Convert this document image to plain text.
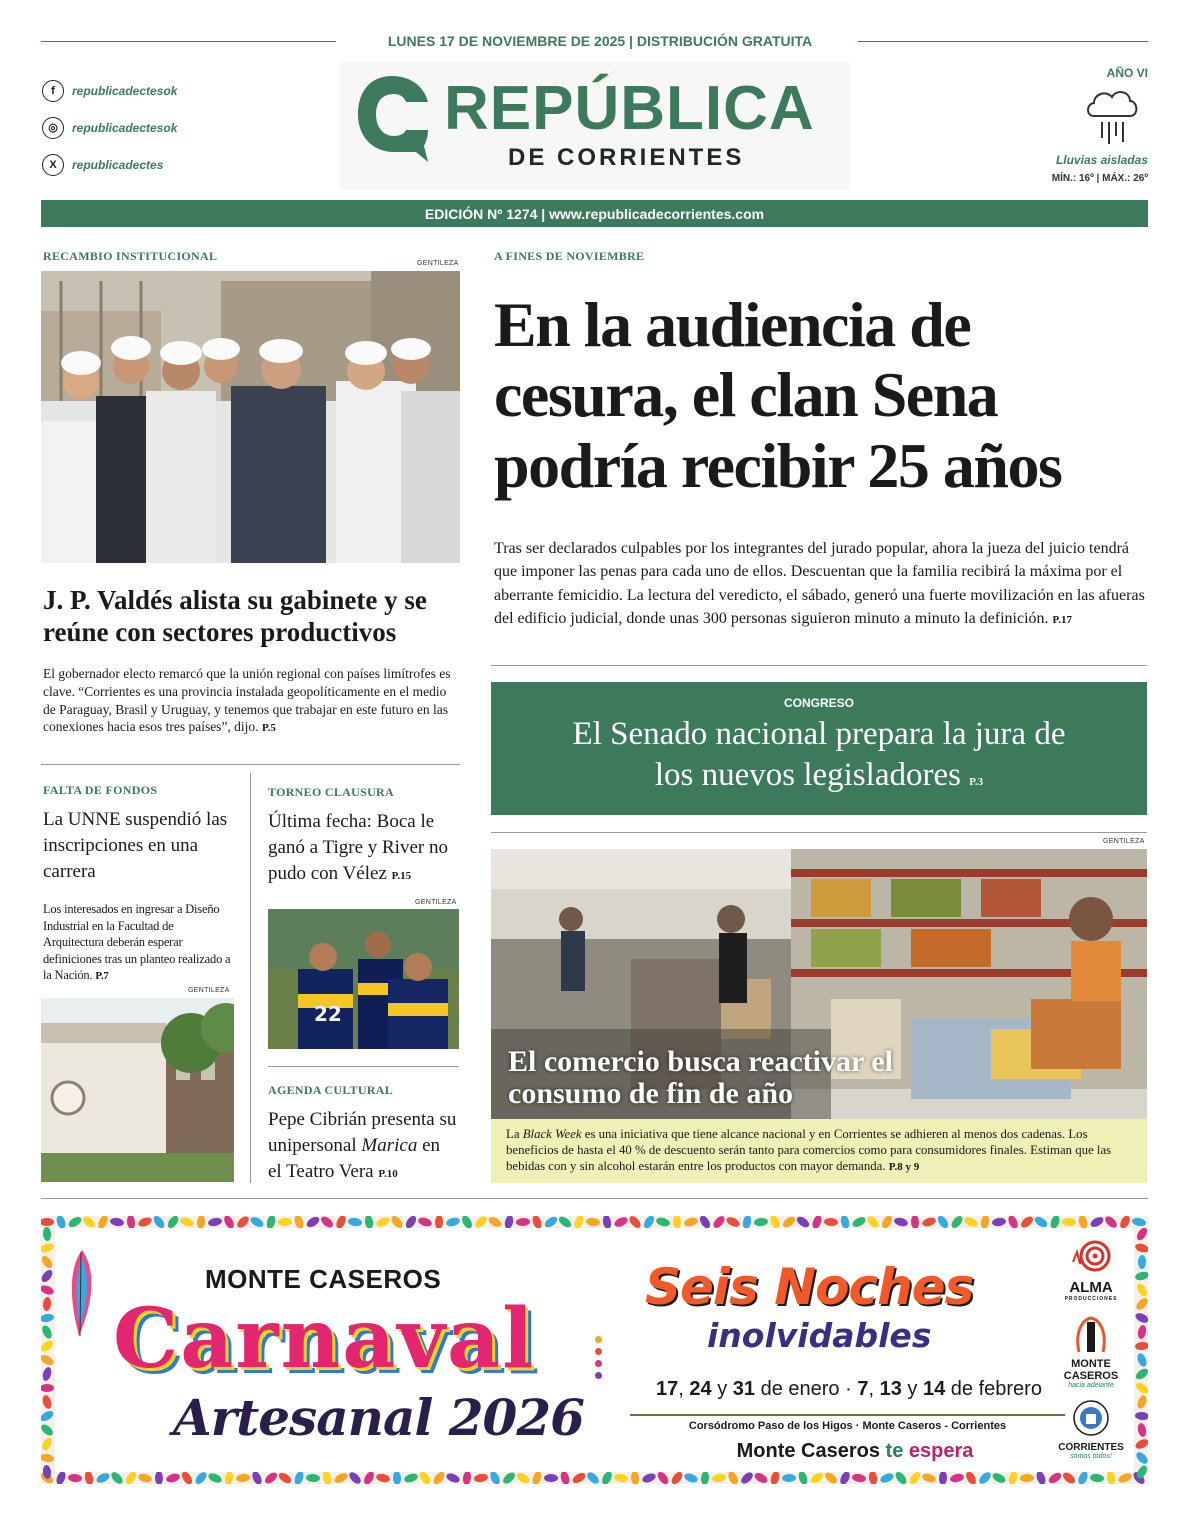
LUNES 17 DE NOVIEMBRE DE 2025 | DISTRIBUCIÓN GRATUITA
f	republicadectesok
◎	republicadectesok
X	republicadectes
REPÚBLICA
DE CORRIENTES
AÑO VI
Lluvias aisladas
MÍN.: 16º | MÁX.: 26º
EDICIÓN Nº 1274 | www.republicadecorrientes.com
RECAMBIO INSTITUCIONAL
GENTILEZA
J. P. Valdés alista su gabinete y se reúne con sectores productivos
El gobernador electo remarcó que la unión regional con países limítrofes es clave. “Corrientes es una provincia instalada geopolíticamente en el medio de Paraguay, Brasil y Uruguay, y tenemos que trabajar en este futuro en las conexiones hacia esos tres países”, dijo. P.5
A FINES DE NOVIEMBRE
En la audiencia de cesura, el clan Sena podría recibir 25 años
Tras ser declarados culpables por los integrantes del jurado popular, ahora la jueza del juicio tendrá que imponer las penas para cada uno de ellos. Descuentan que la familia recibirá la máxima por el aberrante femicidio. La lectura del veredicto, el sábado, generó una fuerte movilización en las afueras del edificio judicial, donde unas 300 personas siguieron minuto a minuto la definición. P.17
CONGRESO
El Senado nacional prepara la jura de los nuevos legisladores P.3
FALTA DE FONDOS
La UNNE suspendió las inscripciones en una carrera
Los interesados en ingresar a Diseño Industrial en la Facultad de Arquitectura deberán esperar definiciones tras un planteo realizado a la Nación. P.7
GENTILEZA
TORNEO CLAUSURA
Última fecha: Boca le ganó a Tigre y River no pudo con Vélez P.15
GENTILEZA
22
AGENDA CULTURAL
Pepe Cibrián presenta su unipersonal Marica en el Teatro Vera P.10
GENTILEZA
El comercio busca reactivar el consumo de fin de año
La Black Week es una iniciativa que tiene alcance nacional y en Corrientes se adhieren al menos dos cadenas. Los beneficios de hasta el 40 % de descuento serán tanto para comercios como para consumidores finales. Estiman que las bebidas con y sin alcohol estarán entre los productos con mayor demanda. P.8 y 9
MONTE CASEROS
Carnaval
Artesanal 2026
Seis Noches
inolvidables
17, 24 y 31 de enero · 7, 13 y 14 de febrero
Corsódromo Paso de los Higos · Monte Caseros - Corrientes
Monte Caseros te espera
ALMA
PRODUCCIONES
MONTE CASEROS
hacia adelante
CORRIENTES
somos todos!
